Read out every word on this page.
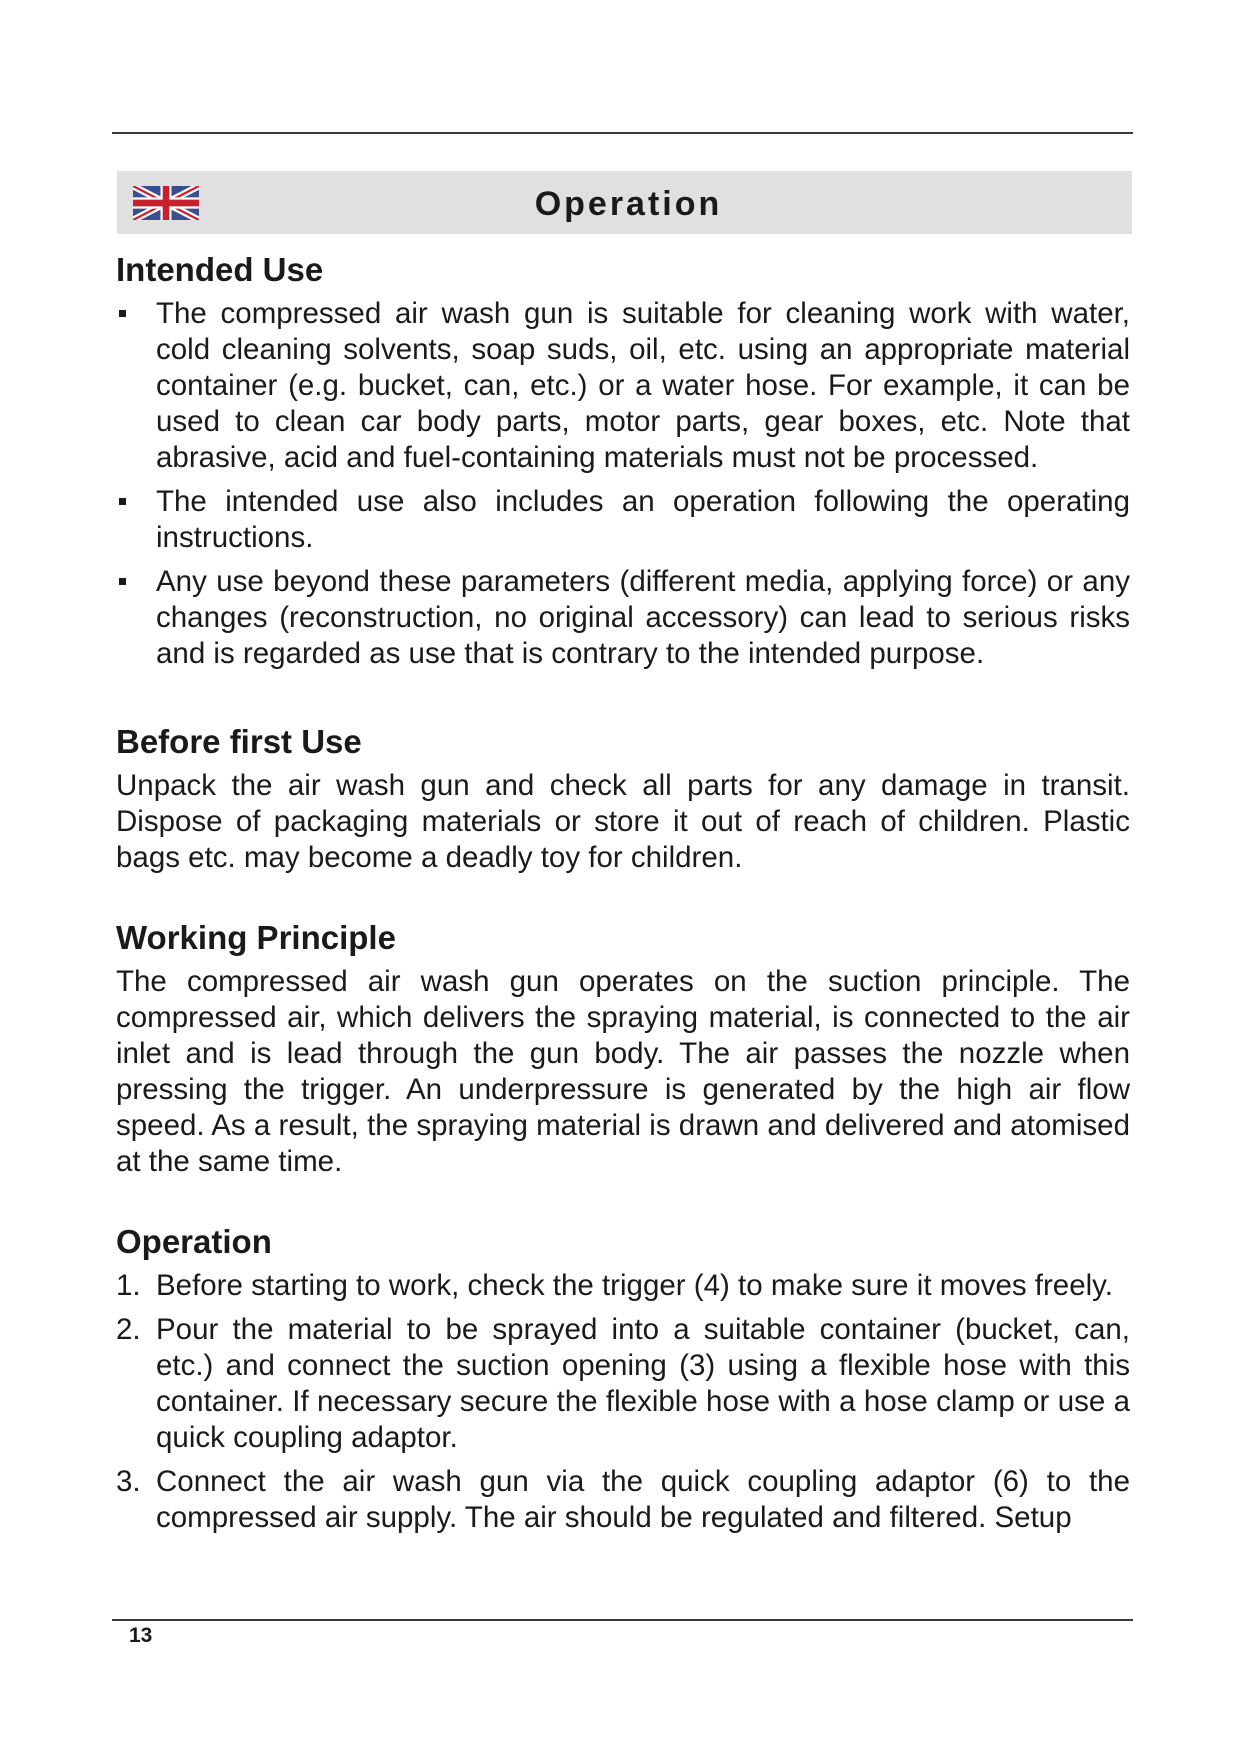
Operation
Intended Use
The compressed air wash gun is suitable for cleaning work with water, cold cleaning solvents, soap suds, oil, etc. using an appropriate material container (e.g. bucket, can, etc.) or a water hose. For example, it can be used to clean car body parts, motor parts, gear boxes, etc. Note that abrasive, acid and fuel-containing materials must not be processed.
The intended use also includes an operation following the operating instructions.
Any use beyond these parameters (different media, applying force) or any changes (reconstruction, no original accessory) can lead to serious risks and is regarded as use that is contrary to the intended purpose.
Before first Use

Unpack the air wash gun and check all parts for any damage in transit. Dispose of packaging materials or store it out of reach of children. Plastic bags etc. may become a deadly toy for children.

Working Principle

The compressed air wash gun operates on the suction principle. The compressed air, which delivers the spraying material, is connected to the air inlet and is lead through the gun body. The air passes the nozzle when pressing the trigger. An underpressure is generated by the high air flow speed. As a result, the spraying material is drawn and delivered and atomised at the same time.

Operation
1. Before starting to work, check the trigger (4) to make sure it moves freely.
2. Pour the material to be sprayed into a suitable container (bucket, can, etc.) and connect the suction opening (3) using a flexible hose with this container. If necessary secure the flexible hose with a hose clamp or use a quick coupling adaptor.
3. Connect the air wash gun via the quick coupling adaptor (6) to the compressed air supply. The air should be regulated and filtered. Setup
13
